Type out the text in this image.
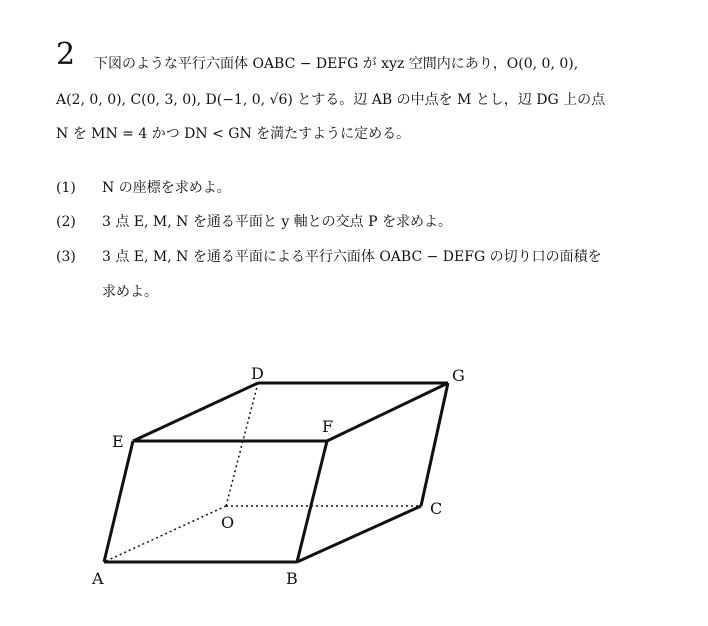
2 下図のような平行六面体 OABC − DEFG が xyz 空間内にあり，O(0, 0, 0),
A(2, 0, 0), C(0, 3, 0), D(−1, 0, √6) とする。辺 AB の中点を M とし，辺 DG 上の点
N を MN = 4 かつ DN < GN を満たすように定める。
(1) N の座標を求めよ。
(2) 3 点 E, M, N を通る平面と y 軸との交点 P を求めよ。
(3) 3 点 E, M, N を通る平面による平行六面体 OABC − DEFG の切り口の面積を
求めよ。
D	G
E
F
O
C
A	B
